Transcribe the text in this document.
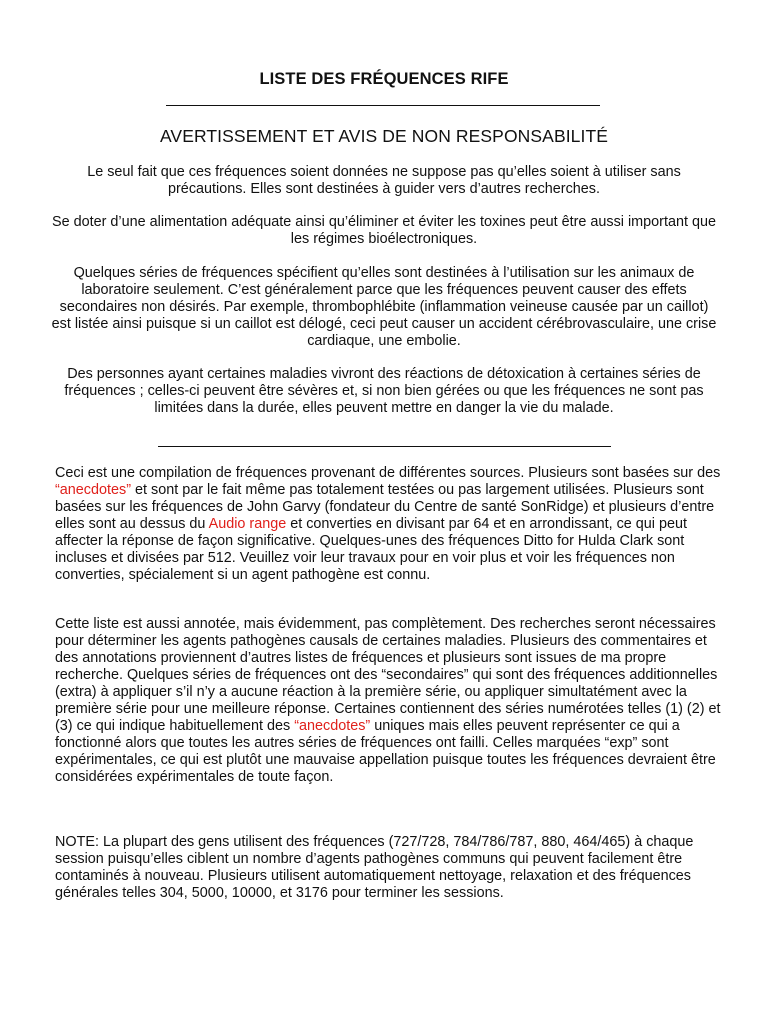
LISTE DES FRÉQUENCES RIFE
AVERTISSEMENT ET AVIS DE NON RESPONSABILITÉ

Le seul fait que ces fréquences soient données ne suppose pas qu’elles soient à utiliser sans précautions. Elles sont destinées à guider vers d’autres recherches.

Se doter d’une alimentation adéquate ainsi qu’éliminer et éviter les toxines peut être aussi important que les régimes bioélectroniques.

Quelques séries de fréquences spécifient qu’elles sont destinées à l’utilisation sur les animaux de laboratoire seulement. C’est généralement parce que les fréquences peuvent causer des effets secondaires non désirés. Par exemple, thrombophlébite (inflammation veineuse causée par un caillot) est listée ainsi puisque si un caillot est délogé, ceci peut causer un accident cérébrovasculaire, une crise cardiaque, une embolie.

Des personnes ayant certaines maladies vivront des réactions de détoxication à certaines séries de fréquences ; celles-ci peuvent être sévères et, si non bien gérées ou que les fréquences ne sont pas limitées dans la durée, elles peuvent mettre en danger la vie du malade.

Ceci est une compilation de fréquences provenant de différentes sources. Plusieurs sont basées sur des “anecdotes” et sont par le fait même pas totalement testées ou pas largement utilisées. Plusieurs sont basées sur les fréquences de John Garvy (fondateur du Centre de santé SonRidge) et plusieurs d’entre elles sont au dessus du Audio range et converties en divisant par 64 et en arrondissant, ce qui peut affecter la réponse de façon significative. Quelques-unes des fréquences Ditto for Hulda Clark sont incluses et divisées par 512. Veuillez voir leur travaux pour en voir plus et voir les fréquences non converties, spécialement si un agent pathogène est connu.

Cette liste est aussi annotée, mais évidemment, pas complètement. Des recherches seront nécessaires pour déterminer les agents pathogènes causals de certaines maladies. Plusieurs des commentaires et des annotations proviennent d’autres listes de fréquences et plusieurs sont issues de ma propre recherche. Quelques séries de fréquences ont des “secondaires” qui sont des fréquences additionnelles (extra) à appliquer s’il n’y a aucune réaction à la première série, ou appliquer simultatément avec la première série pour une meilleure réponse. Certaines contiennent des séries numérotées telles (1) (2) et (3) ce qui indique habituellement des “anecdotes” uniques mais elles peuvent représenter ce qui a fonctionné alors que toutes les autres séries de fréquences ont failli. Celles marquées “exp” sont expérimentales, ce qui est plutôt une mauvaise appellation puisque toutes les fréquences devraient être considérées expérimentales de toute façon.

NOTE: La plupart des gens utilisent des fréquences (727/728, 784/786/787, 880, 464/465) à chaque session puisqu’elles ciblent un nombre d’agents pathogènes communs qui peuvent facilement être contaminés à nouveau. Plusieurs utilisent automatiquement nettoyage, relaxation et des fréquences générales telles 304, 5000, 10000, et 3176 pour terminer les sessions.
